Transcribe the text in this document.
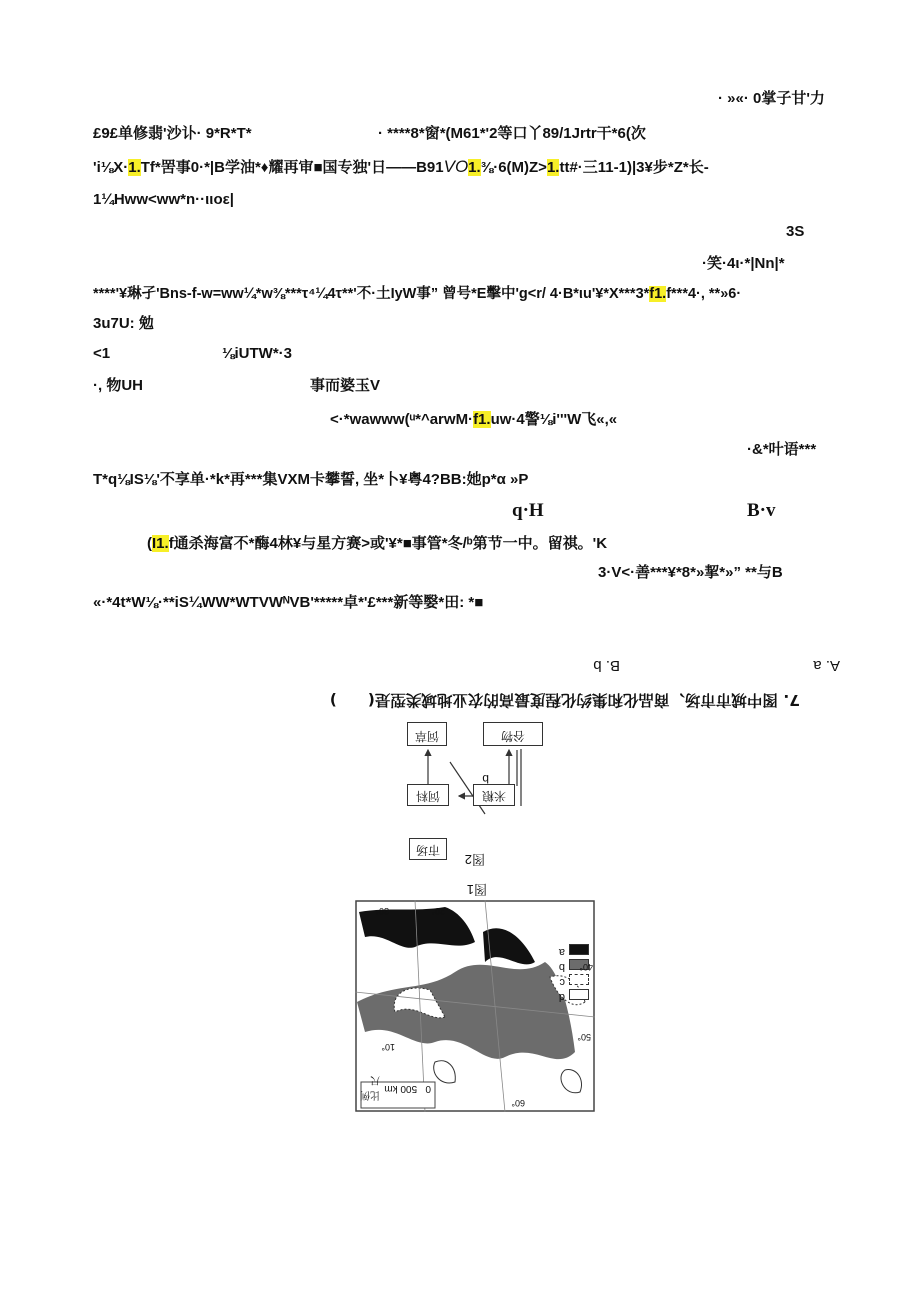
· »«· 0掌子甘'力
£9£单修翡'沙讣· 9*R*T*	· ****8*窗*(M61*'2等口丫89/1Jrtr干*6(次
'i⅛X·1.Tf*罟事0·*|B学油*♦耀再审■国专独'日——B91VO1.⅜·6(M)Z>1.tt#·三11-1)|3¥步*Z*长-
1¼Hww<ww*n··ιιoε|
3S
·笑·4ι·*|Nn|*
****'¥琳孑'Bns-f-w=ww¼*w⅜***τ⁴¼4τ**'不·土IyW事” 曾号*E擊中'g<r/ 4·B*ιu'¥*X***3*f1.f***4·, **»6·
3u7U: 勉
<1	⅛iUTW*·3
·, 物UH	事而婆玉V
<·*wawww(ᵘ*^arwM·f1.uw·4警⅛i'''W飞«,«
·&*叶语***
T*q⅛IS⅛'不享单·*k*再***集VXM卡攀誓, 坐*卜¥粤4?BB:她p*α »P
q·H	B·v
(I1.f通杀海富不*酶4林¥与星方赛>或'¥*■事管*冬/ᵇ第节一中。留祺。'K
3·V<·善***¥*8*»挈*»” **与B
«·*4t*W⅛·**iS¼WW*WTVWᴺVB'*****卓*'£***新等嫛*田: *■
A. a
B. b
7. 图中城市市场、商品化和集约化程度最高的农业地域类型是(　　)
图2
谷物
饲草
饲料	米粮
市场
b
图1
比例尺
0   500 km
d
c
b
a
30°	20°
40°
50°
60°
10°
